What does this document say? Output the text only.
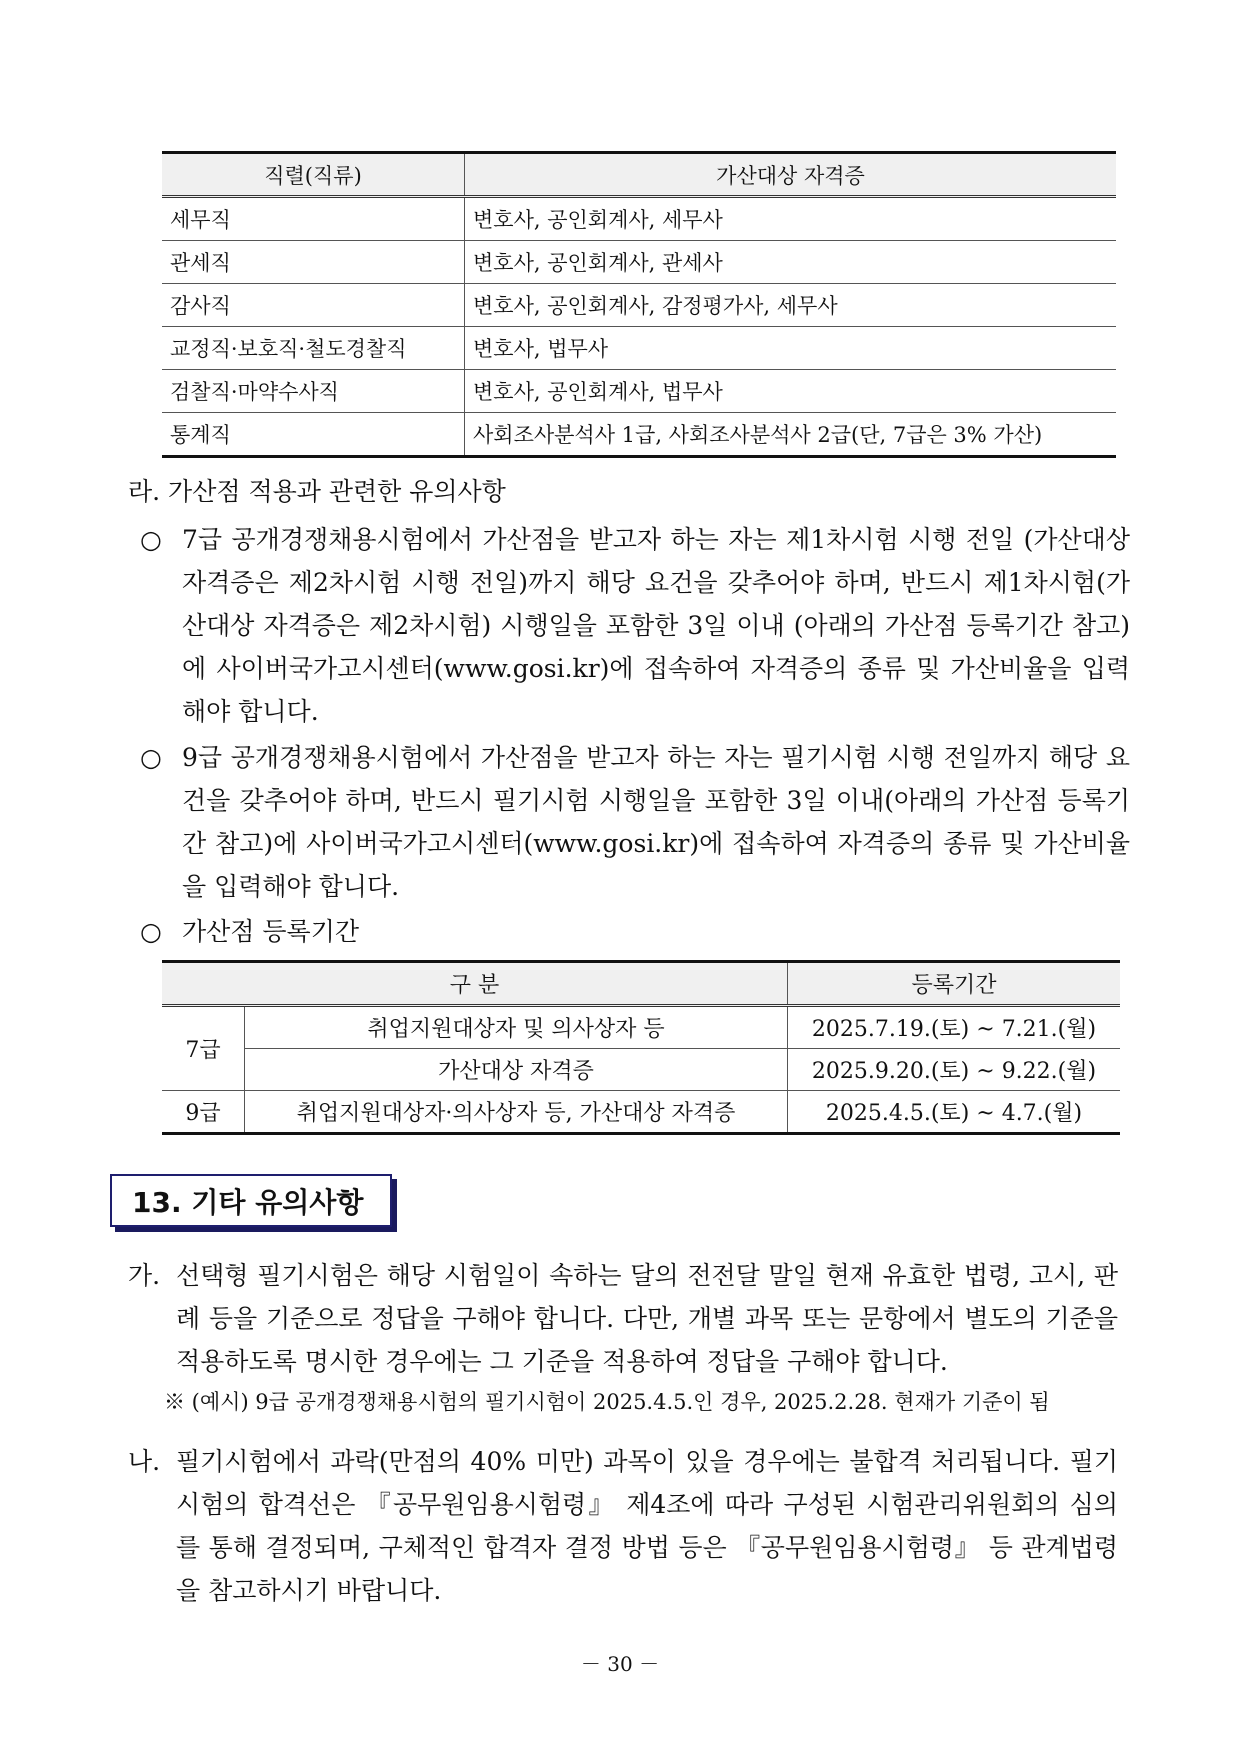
직렬(직류)	가산대상 자격증
세무직	변호사, 공인회계사, 세무사
관세직	변호사, 공인회계사, 관세사
감사직	변호사, 공인회계사, 감정평가사, 세무사
교정직·보호직·철도경찰직	변호사, 법무사
검찰직·마약수사직	변호사, 공인회계사, 법무사
통계직	사회조사분석사 1급, 사회조사분석사 2급(단, 7급은 3% 가산)
라. 가산점 적용과 관련한 유의사항
○ 7급 공개경쟁채용시험에서 가산점을 받고자 하는 자는 제1차시험 시행 전일 (가산대상 자격증은 제2차시험 시행 전일)까지 해당 요건을 갖추어야 하며, 반드시 제1차시험(가산대상 자격증은 제2차시험) 시행일을 포함한 3일 이내 (아래의 가산점 등록기간 참고)에 사이버국가고시센터(www.gosi.kr)에 접속하여 자격증의 종류 및 가산비율을 입력해야 합니다.
○ 9급 공개경쟁채용시험에서 가산점을 받고자 하는 자는 필기시험 시행 전일까지 해당 요건을 갖추어야 하며, 반드시 필기시험 시행일을 포함한 3일 이내(아래의 가산점 등록기간 참고)에 사이버국가고시센터(www.gosi.kr)에 접속하여 자격증의 종류 및 가산비율을 입력해야 합니다.
○ 가산점 등록기간
구 분		등록기간
7급	취업지원대상자 및 의사상자 등	2025.7.19.(토) ~ 7.21.(월)
	가산대상 자격증	2025.9.20.(토) ~ 9.22.(월)
9급	취업지원대상자·의사상자 등, 가산대상 자격증	2025.4.5.(토) ~ 4.7.(월)
13. 기타 유의사항
가. 선택형 필기시험은 해당 시험일이 속하는 달의 전전달 말일 현재 유효한 법령, 고시, 판례 등을 기준으로 정답을 구해야 합니다. 다만, 개별 과목 또는 문항에서 별도의 기준을 적용하도록 명시한 경우에는 그 기준을 적용하여 정답을 구해야 합니다.
※ (예시) 9급 공개경쟁채용시험의 필기시험이 2025.4.5.인 경우, 2025.2.28. 현재가 기준이 됨
나. 필기시험에서 과락(만점의 40% 미만) 과목이 있을 경우에는 불합격 처리됩니다. 필기시험의 합격선은 『공무원임용시험령』 제4조에 따라 구성된 시험관리위원회의 심의를 통해 결정되며, 구체적인 합격자 결정 방법 등은 『공무원임용시험령』 등 관계법령을 참고하시기 바랍니다.
－ 30 －
